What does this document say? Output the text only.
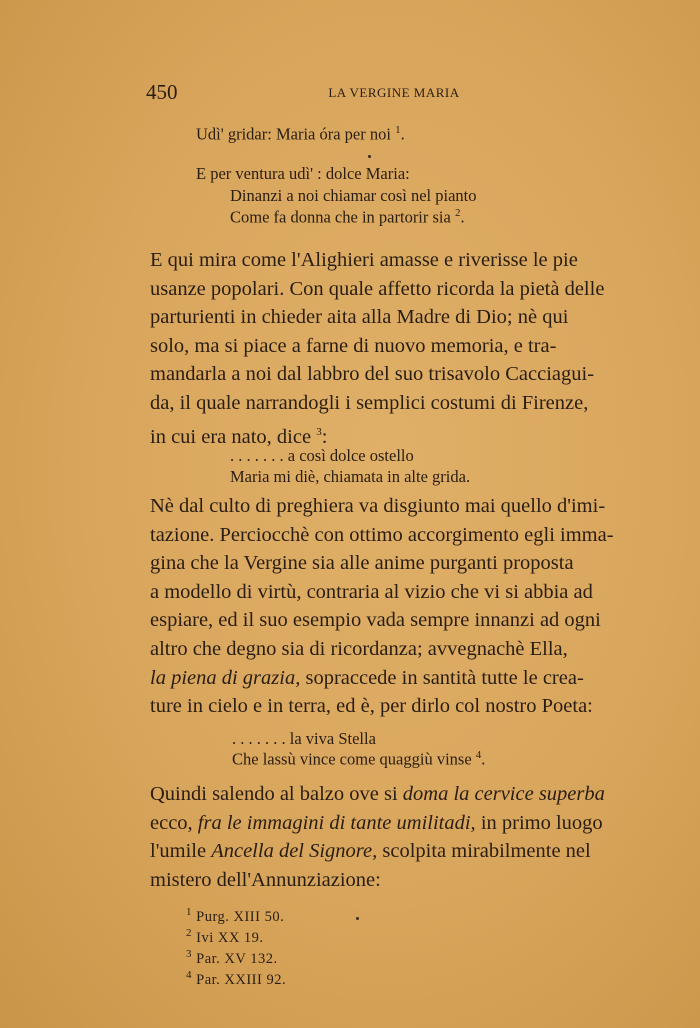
450	LA VERGINE MARIA
Udì' gridar: Maria óra per noi $^1$.
E per ventura udì' : dolce Maria:
Dinanzi a noi chiamar così nel pianto
Come fa donna che in partorir sia $^2$.

E qui mira come l'Alighieri amasse e riverisse le pie

usanze popolari. Con quale affetto ricorda la pietà delle

parturienti in chieder aita alla Madre di Dio; nè qui

solo, ma si piace a farne di nuovo memoria, e tra-

mandarla a noi dal labbro del suo trisavolo Cacciagui-

da, il quale narrandogli i semplici costumi di Firenze,

in cui era nato, dice $^3$:

. . . . . . . a così dolce ostello
Maria mi diè, chiamata in alte grida.

Nè dal culto di preghiera va disgiunto mai quello d'imi-

tazione. Perciocchè con ottimo accorgimento egli imma-

gina che la Vergine sia alle anime purganti proposta

a modello di virtù, contraria al vizio che vi si abbia ad

espiare, ed il suo esempio vada sempre innanzi ad ogni

altro che degno sia di ricordanza; avvegnachè Ella,

la piena di grazia, sopraccede in santità tutte le crea-

ture in cielo e in terra, ed è, per dirlo col nostro Poeta:

. . . . . . . la viva Stella
Che lassù vince come quaggiù vinse $^4$.

Quindi salendo al balzo ove si doma la cervice superba

ecco, fra le immagini di tante umilitadi, in primo luogo

l'umile Ancella del Signore, scolpita mirabilmente nel

mistero dell'Annunziazione:

$^1$ Purg. XIII 50.
$^2$ Ivi XX 19.
$^3$ Par. XV 132.
$^4$ Par. XXIII 92.
